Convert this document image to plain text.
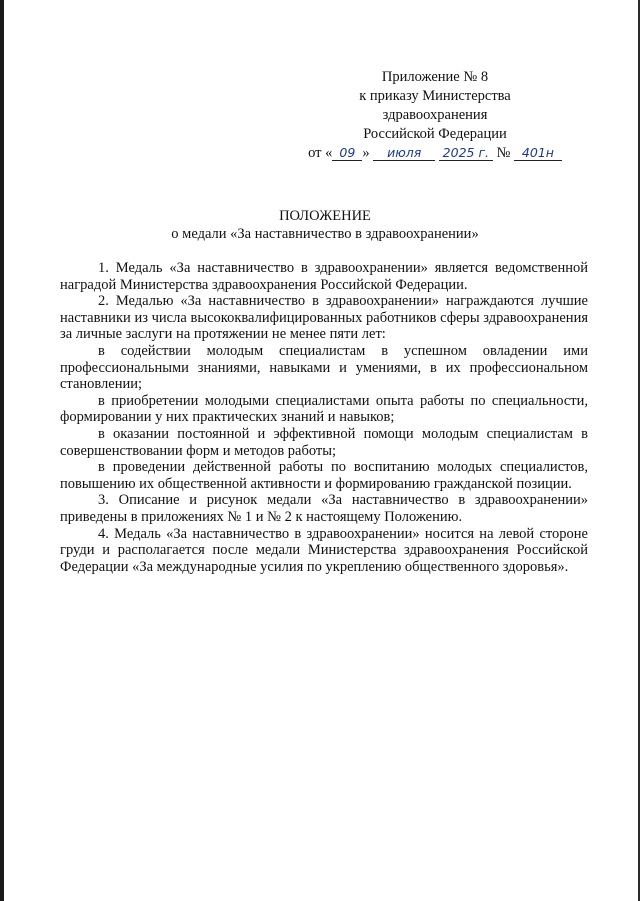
Приложение № 8
к приказу Министерства
здравоохранения
Российской Федерации
от « 09 » июля 2025 г. № 401н
ПОЛОЖЕНИЕ
о медали «За наставничество в здравоохранении»

1. Медаль «За наставничество в здравоохранении» является ведомственной наградой Министерства здравоохранения Российской Федерации.

2. Медалью «За наставничество в здравоохранении» награждаются лучшие наставники из числа высококвалифицированных работников сферы здравоохранения за личные заслуги на протяжении не менее пяти лет:

в содействии молодым специалистам в успешном овладении ими профессиональными знаниями, навыками и умениями, в их профессиональном становлении;

в приобретении молодыми специалистами опыта работы по специальности, формировании у них практических знаний и навыков;

в оказании постоянной и эффективной помощи молодым специалистам в совершенствовании форм и методов работы;

в проведении действенной работы по воспитанию молодых специалистов, повышению их общественной активности и формированию гражданской позиции.

3. Описание и рисунок медали «За наставничество в здравоохранении» приведены в приложениях № 1 и № 2 к настоящему Положению.

4. Медаль «За наставничество в здравоохранении» носится на левой стороне груди и располагается после медали Министерства здравоохранения Российской Федерации «За международные усилия по укреплению общественного здоровья».
